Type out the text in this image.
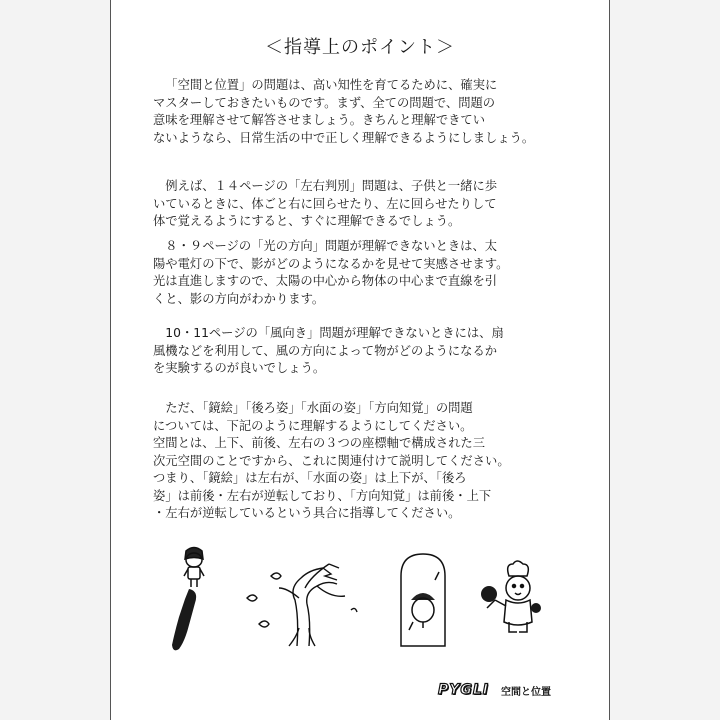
＜指導上のポイント＞

「空間と位置」の問題は、高い知性を育てるために、確実に
マスターしておきたいものです。まず、全ての問題で、問題の
意味を理解させて解答させましょう。きちんと理解できてい
ないようなら、日常生活の中で正しく理解できるようにしましょう。

例えば、１４ページの「左右判別」問題は、子供と一緒に歩
いているときに、体ごと右に回らせたり、左に回らせたりして
体で覚えるようにすると、すぐに理解できるでしょう。

８・９ページの「光の方向」問題が理解できないときは、太
陽や電灯の下で、影がどのようになるかを見せて実感させます。
光は直進しますので、太陽の中心から物体の中心まで直線を引
くと、影の方向がわかります。

10・11ページの「風向き」問題が理解できないときには、扇
風機などを利用して、風の方向によって物がどのようになるか
を実験するのが良いでしょう。

ただ、「鏡絵」「後ろ姿」「水面の姿」「方向知覚」の問題
については、下記のように理解するようにしてください。
空間とは、上下、前後、左右の３つの座標軸で構成された三
次元空間のことですから、これに関連付けて説明してください。
つまり、「鏡絵」は左右が、「水面の姿」は上下が、「後ろ
姿」は前後・左右が逆転しており、「方向知覚」は前後・上下
・左右が逆転しているという具合に指導してください。

PYGLI 空間と位置
